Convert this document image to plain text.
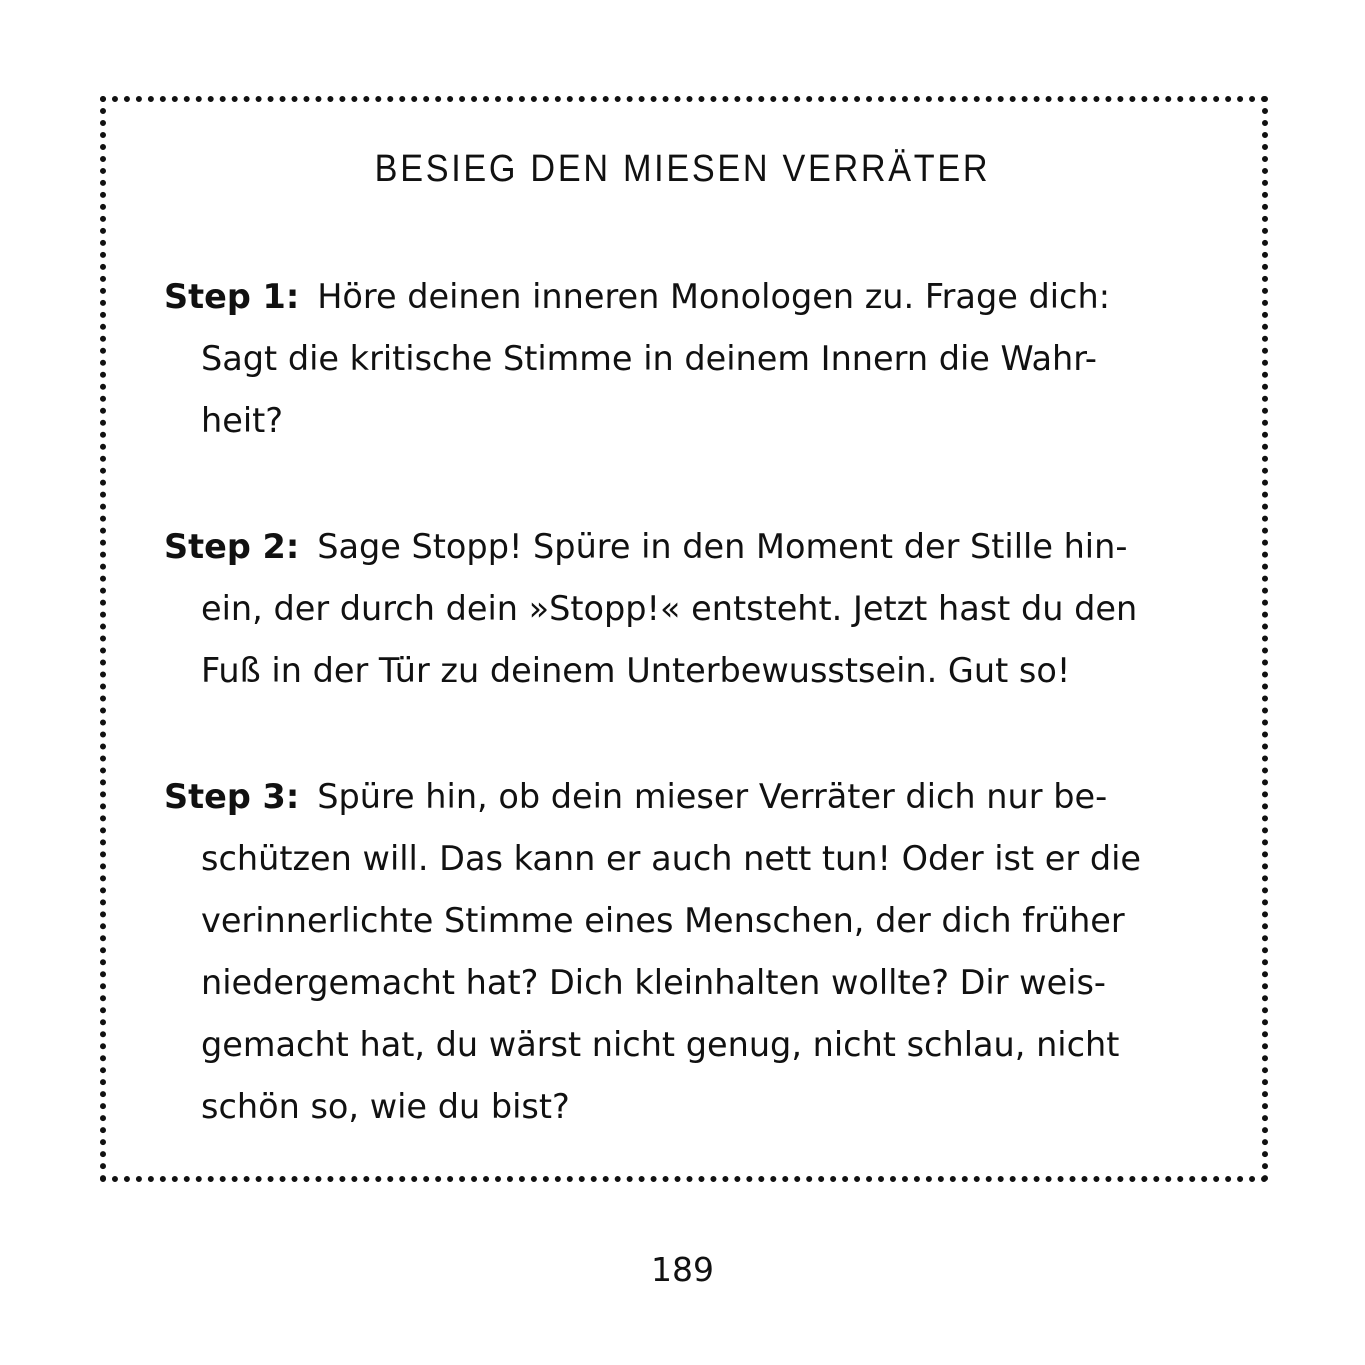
BESIEG DEN MIESEN VERRÄTER
Step 1: Höre deinen inneren Monologen zu. Frage dich:
Sagt die kritische Stimme in deinem Innern die Wahr-
heit?
Step 2: Sage Stopp! Spüre in den Moment der Stille hin-
ein, der durch dein »Stopp!« entsteht. Jetzt hast du den
Fuß in der Tür zu deinem Unterbewusstsein. Gut so!
Step 3: Spüre hin, ob dein mieser Verräter dich nur be-
schützen will. Das kann er auch nett tun! Oder ist er die
verinnerlichte Stimme eines Menschen, der dich früher
niedergemacht hat? Dich kleinhalten wollte? Dir weis-
gemacht hat, du wärst nicht genug, nicht schlau, nicht
schön so, wie du bist?

189
